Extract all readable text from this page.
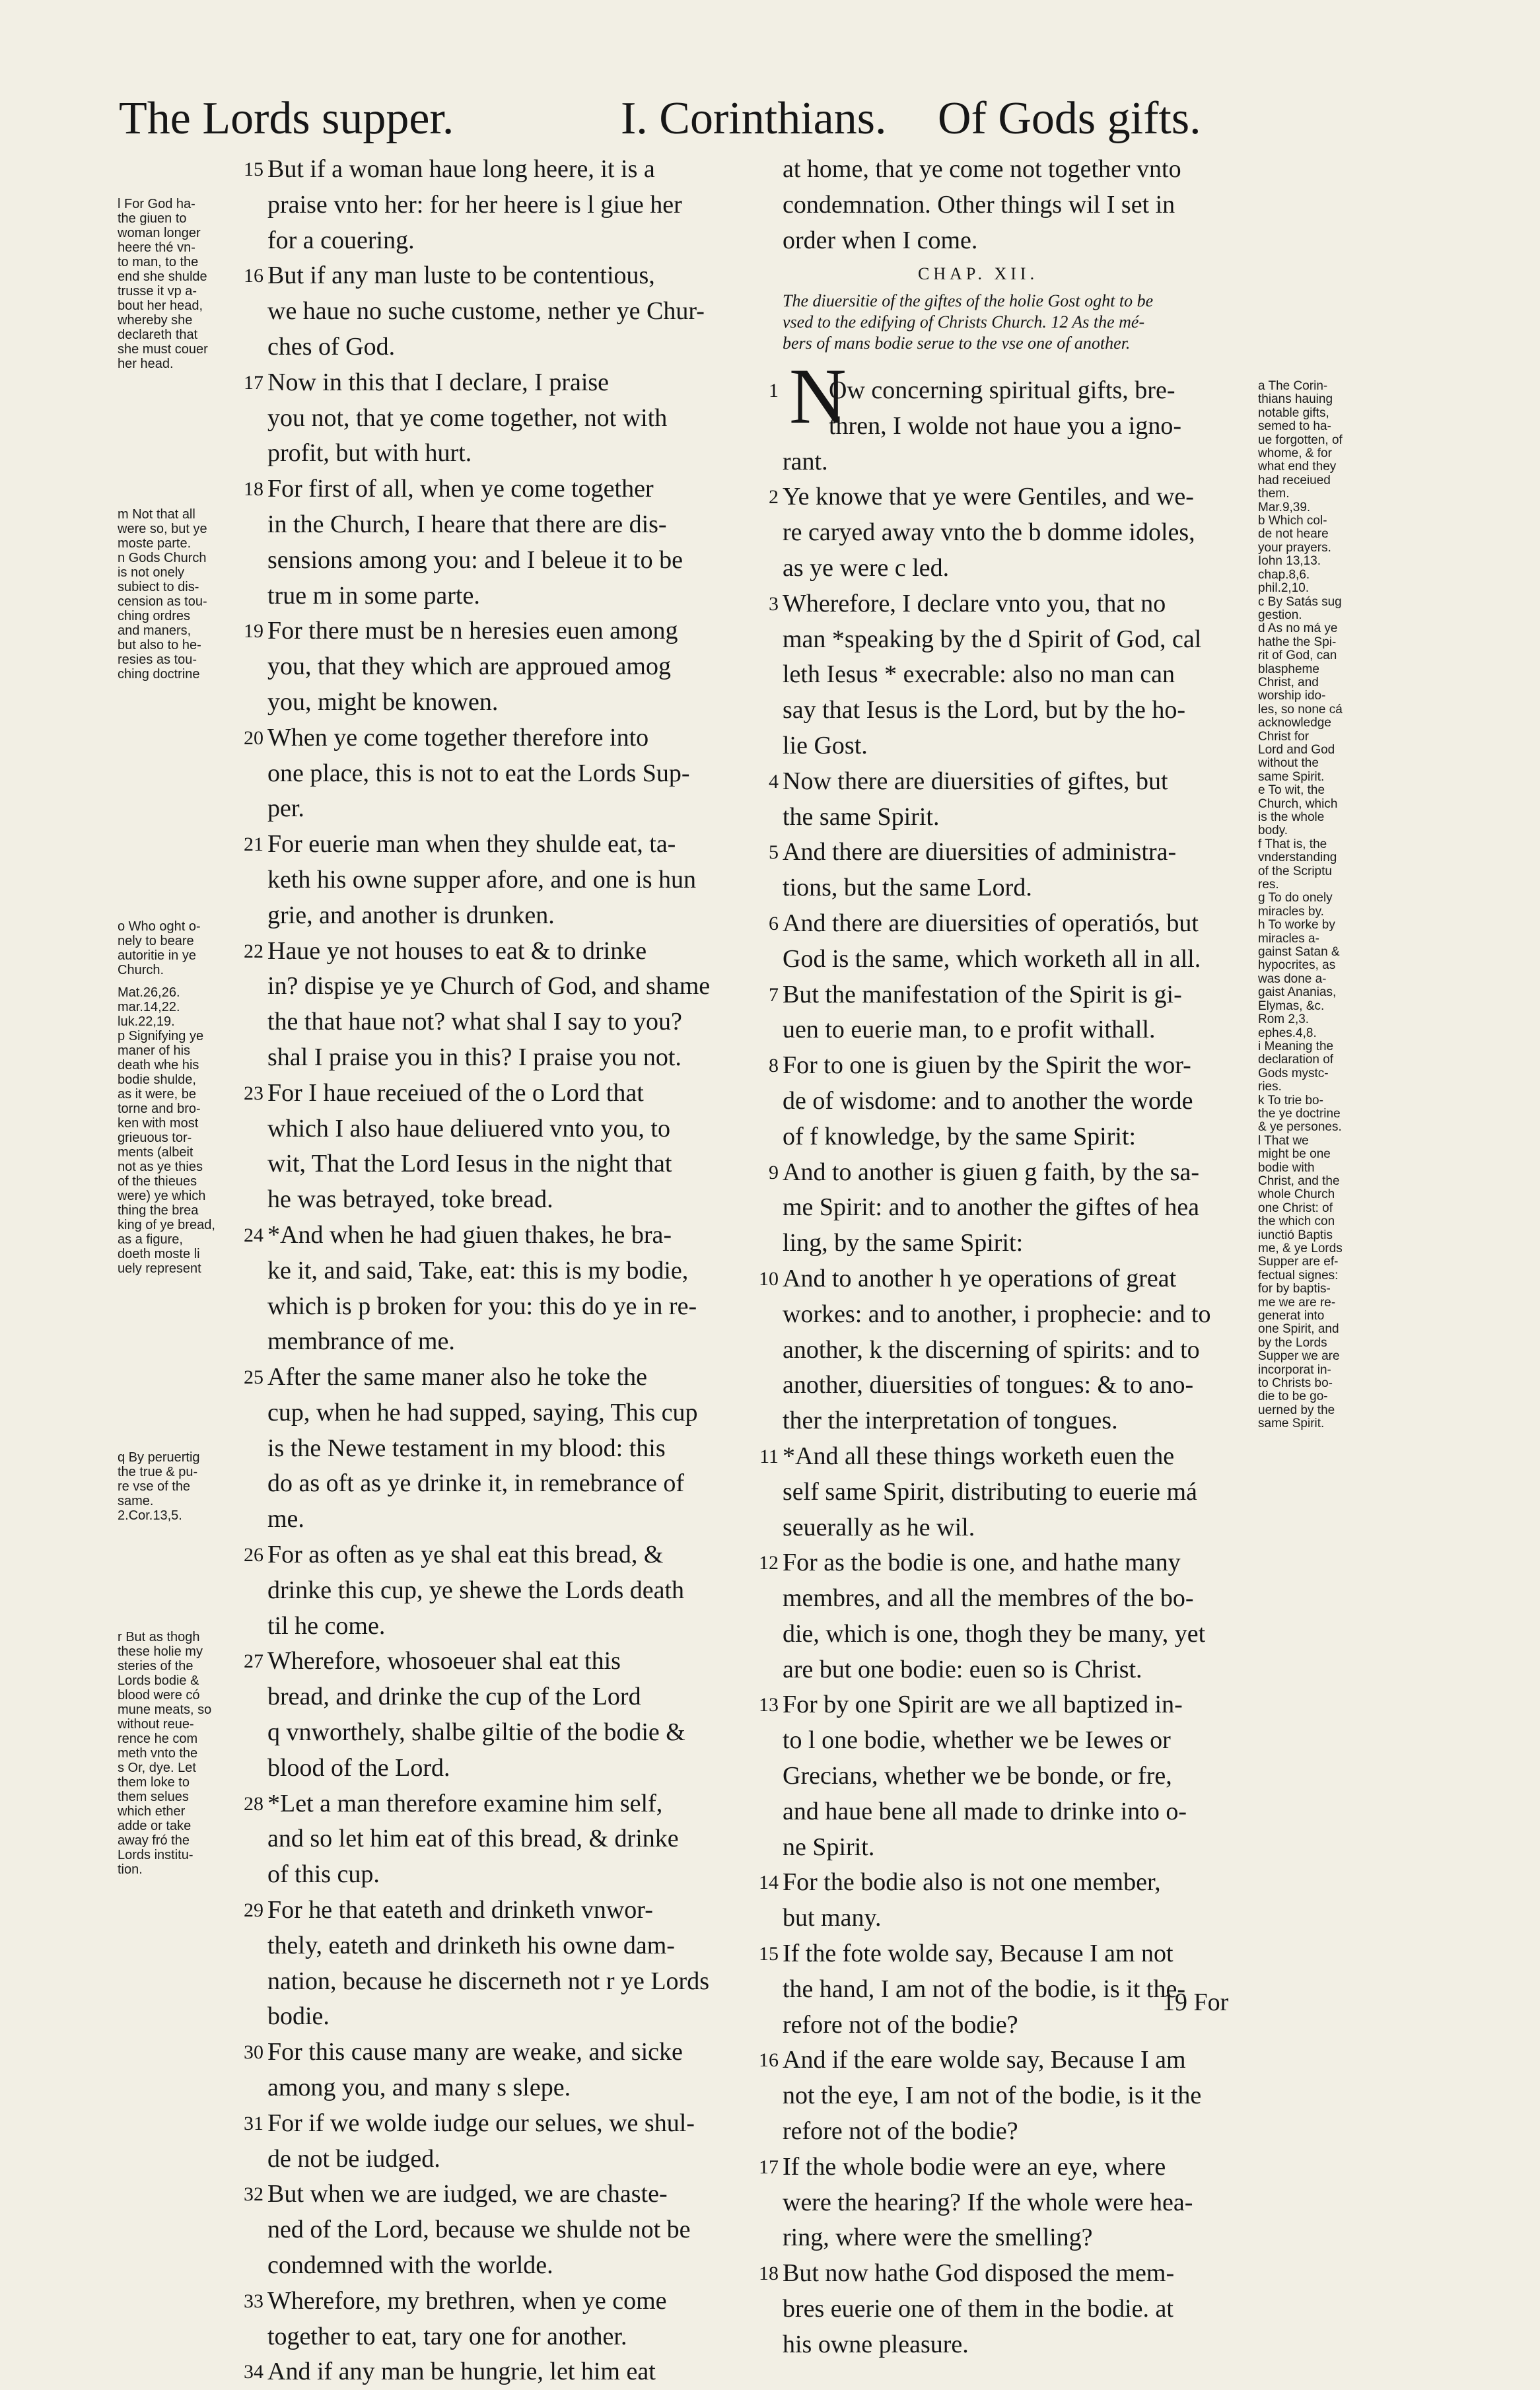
The Lords supper.	I. Corinthians. Of Gods gifts.
l For God ha-
the giuen to
woman longer
heere thé vn-
to man, to the
end she shulde
trusse it vp a-
bout her head,
whereby she
declareth that
she must couer
her head.
m Not that all
were so, but ye
moste parte.
n Gods Church
is not onely
subiect to dis-
cension as tou-
ching ordres
and maners,
but also to he-
resies as tou-
ching doctrine
o Who oght o-
nely to beare
autoritie in ye
Church.
Mat.26,26.
mar.14,22.
luk.22,19.
p Signifying ye
maner of his
death whe his
bodie shulde,
as it were, be
torne and bro-
ken with most
grieuous tor-
ments (albeit
not as ye thies
of the thieues
were) ye which
thing the brea
king of ye bread,
as a figure,
doeth moste li
uely represent
q By peruertig
the true & pu-
re vse of the
same.
2.Cor.13,5.
r But as thogh
these holie my
steries of the
Lords bodie &
blood were có
mune meats, so
without reue-
rence he com
meth vnto the
s Or, dye. Let
them loke to
them selues
which ether
adde or take
away fró the
Lords institu-
tion.
15 But if a woman haue long heere, it is a
praise vnto her: for her heere is l giue her
for a couering.
16 But if any man luste to be contentious,
we haue no suche custome, nether ye Chur-
ches of God.
17 Now in this that I declare, I praise
you not, that ye come together, not with
profit, but with hurt.
18 For first of all, when ye come together
in the Church, I heare that there are dis-
sensions among you: and I beleue it to be
true m in some parte.
19 For there must be n heresies euen among
you, that they which are approued amog
you, might be knowen.
20 When ye come together therefore into
one place, this is not to eat the Lords Sup-
per.
21 For euerie man when they shulde eat, ta-
keth his owne supper afore, and one is hun
grie, and another is drunken.
22 Haue ye not houses to eat & to drinke
in? dispise ye ye Church of God, and shame
the that haue not? what shal I say to you?
shal I praise you in this? I praise you not.
23 For I haue receiued of the o Lord that
which I also haue deliuered vnto you, to
wit, That the Lord Iesus in the night that
he was betrayed, toke bread.
24 *And when he had giuen thakes, he bra-
ke it, and said, Take, eat: this is my bodie,
which is p broken for you: this do ye in re-
membrance of me.
25 After the same maner also he toke the
cup, when he had supped, saying, This cup
is the Newe testament in my blood: this
do as oft as ye drinke it, in remebrance of
me.
26 For as often as ye shal eat this bread, &
drinke this cup, ye shewe the Lords death
til he come.
27 Wherefore, whosoeuer shal eat this
bread, and drinke the cup of the Lord
q vnworthely, shalbe giltie of the bodie &
blood of the Lord.
28 *Let a man therefore examine him self,
and so let him eat of this bread, & drinke
of this cup.
29 For he that eateth and drinketh vnwor-
thely, eateth and drinketh his owne dam-
nation, because he discerneth not r ye Lords
bodie.
30 For this cause many are weake, and sicke
among you, and many s slepe.
31 For if we wolde iudge our selues, we shul-
de not be iudged.
32 But when we are iudged, we are chaste-
ned of the Lord, because we shulde not be
condemned with the worlde.
33 Wherefore, my brethren, when ye come
together to eat, tary one for another.
34 And if any man be hungrie, let him eat
at home, that ye come not together vnto
condemnation. Other things wil I set in
order when I come.
CHAP. XII.
The diuersitie of the giftes of the holie Gost oght to be
vsed to the edifying of Christs Church. 12 As the mé-
bers of mans bodie serue to the vse one of another.
N
1 Ow concerning spiritual gifts, bre-
thren, I wolde not haue you a igno-
rant.
2 Ye knowe that ye were Gentiles, and we-
re caryed away vnto the b domme idoles,
as ye were c led.
3 Wherefore, I declare vnto you, that no
man *speaking by the d Spirit of God, cal
leth Iesus * execrable: also no man can
say that Iesus is the Lord, but by the ho-
lie Gost.
4 Now there are diuersities of giftes, but
the same Spirit.
5 And there are diuersities of administra-
tions, but the same Lord.
6 And there are diuersities of operatiós, but
God is the same, which worketh all in all.
7 But the manifestation of the Spirit is gi-
uen to euerie man, to e profit withall.
8 For to one is giuen by the Spirit the wor-
de of wisdome: and to another the worde
of f knowledge, by the same Spirit:
9 And to another is giuen g faith, by the sa-
me Spirit: and to another the giftes of hea
ling, by the same Spirit:
10 And to another h ye operations of great
workes: and to another, i prophecie: and to
another, k the discerning of spirits: and to
another, diuersities of tongues: & to ano-
ther the interpretation of tongues.
11 *And all these things worketh euen the
self same Spirit, distributing to euerie má
seuerally as he wil.
12 For as the bodie is one, and hathe many
membres, and all the membres of the bo-
die, which is one, thogh they be many, yet
are but one bodie: euen so is Christ.
13 For by one Spirit are we all baptized in-
to l one bodie, whether we be Iewes or
Grecians, whether we be bonde, or fre,
and haue bene all made to drinke into o-
ne Spirit.
14 For the bodie also is not one member,
but many.
15 If the fote wolde say, Because I am not
the hand, I am not of the bodie, is it the-
refore not of the bodie?
16 And if the eare wolde say, Because I am
not the eye, I am not of the bodie, is it the
refore not of the bodie?
17 If the whole bodie were an eye, where
were the hearing? If the whole were hea-
ring, where were the smelling?
18 But now hathe God disposed the mem-
bres euerie one of them in the bodie. at
his owne pleasure.
a The Corin-
thians hauing
notable gifts,
semed to ha-
ue forgotten, of
whome, & for
what end they
had receiued
them.
Mar.9,39.
b Which col-
de not heare
your prayers.
Iohn 13,13.
chap.8,6.
phil.2,10.
c By Satás sug
gestion.
d As no má ye
hathe the Spi-
rit of God, can
blaspheme
Christ, and
worship ido-
les, so none cá
acknowledge
Christ for
Lord and God
without the
same Spirit.
e To wit, the
Church, which
is the whole
body.
f That is, the
vnderstanding
of the Scriptu
res.
g To do onely
miracles by.
h To worke by
miracles a-
gainst Satan &
hypocrites, as
was done a-
gaist Ananias,
Elymas, &c.
Rom 2,3.
ephes.4,8.
i Meaning the
declaration of
Gods mystc-
ries.
k To trie bo-
the ye doctrine
& ye persones.
l That we
might be one
bodie with
Christ, and the
whole Church
one Christ: of
the which con
iunctió Baptis
me, & ye Lords
Supper are ef-
fectual signes:
for by baptis-
me we are re-
generat into
one Spirit, and
by the Lords
Supper we are
incorporat in-
to Christs bo-
die to be go-
uerned by the
same Spirit.
19 For
